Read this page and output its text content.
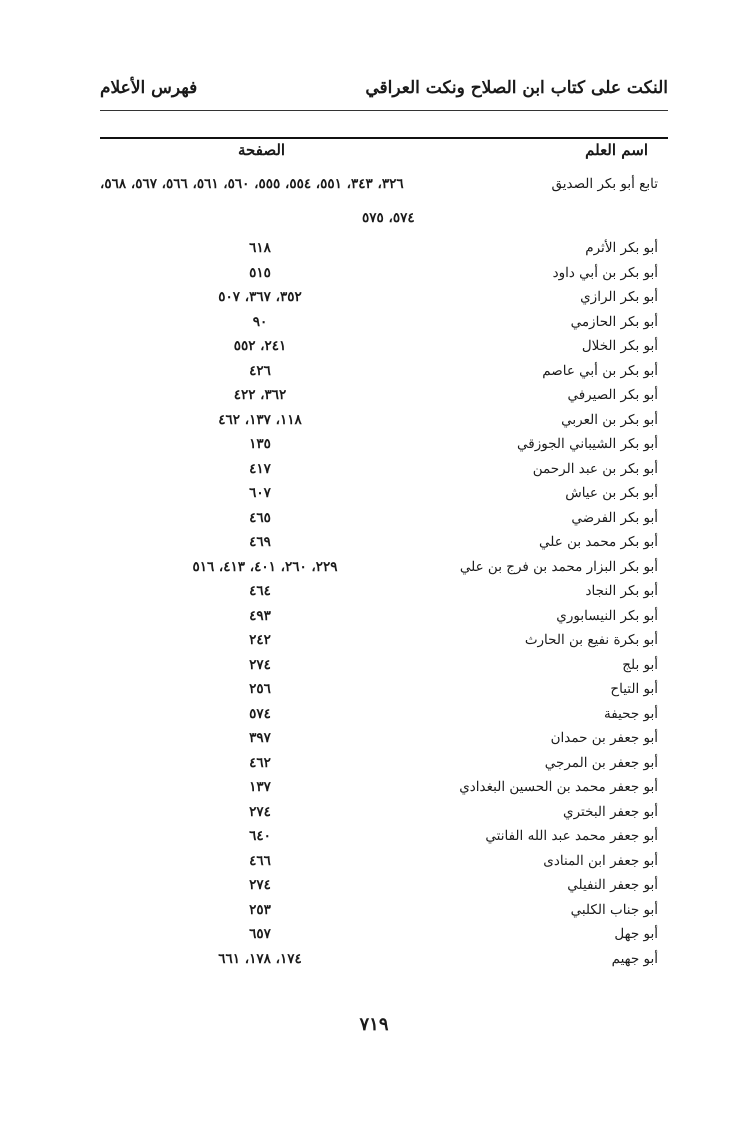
النكت على كتاب ابن الصلاح ونكت العراقي
فهرس الأعلام
اسم العلم
الصفحة
تابع أبو بكر الصديق
٣٢٦، ٣٤٣، ٥٥١، ٥٥٤، ٥٥٥، ٥٦٠، ٥٦١، ٥٦٦، ٥٦٧، ٥٦٨،
٥٧٤، ٥٧٥
أبو بكر الأثرم
٦١٨
أبو بكر بن أبي داود
٥١٥
أبو بكر الرازي
٣٥٢، ٣٦٧، ٥٠٧
أبو بكر الحازمي
٩٠
أبو بكر الخلال
٢٤١، ٥٥٢
أبو بكر بن أبي عاصم
٤٢٦
أبو بكر الصيرفي
٣٦٢، ٤٢٢
أبو بكر بن العربي
١١٨، ١٣٧، ٤٦٢
أبو بكر الشيباني الجوزقي
١٣٥
أبو بكر بن عبد الرحمن
٤١٧
أبو بكر بن عياش
٦٠٧
أبو بكر الفرضي
٤٦٥
أبو بكر محمد بن علي
٤٦٩
أبو بكر البزار محمد بن فرج بن علي
٢٢٩، ٢٦٠، ٤٠١، ٤١٣، ٥١٦
أبو بكر النجاد
٤٦٤
أبو بكر النيسابوري
٤٩٣
أبو بكرة نفيع بن الحارث
٢٤٢
أبو بلج
٢٧٤
أبو التياح
٢٥٦
أبو جحيفة
٥٧٤
أبو جعفر بن حمدان
٣٩٧
أبو جعفر بن المرجي
٤٦٢
أبو جعفر محمد بن الحسين البغدادي
١٣٧
أبو جعفر البختري
٢٧٤
أبو جعفر محمد عبد الله الفانتي
٦٤٠
أبو جعفر ابن المنادى
٤٦٦
أبو جعفر النفيلي
٢٧٤
أبو جناب الكلبي
٢٥٣
أبو جهل
٦٥٧
أبو جهيم
١٧٤، ١٧٨، ٦٦١
٧١٩
